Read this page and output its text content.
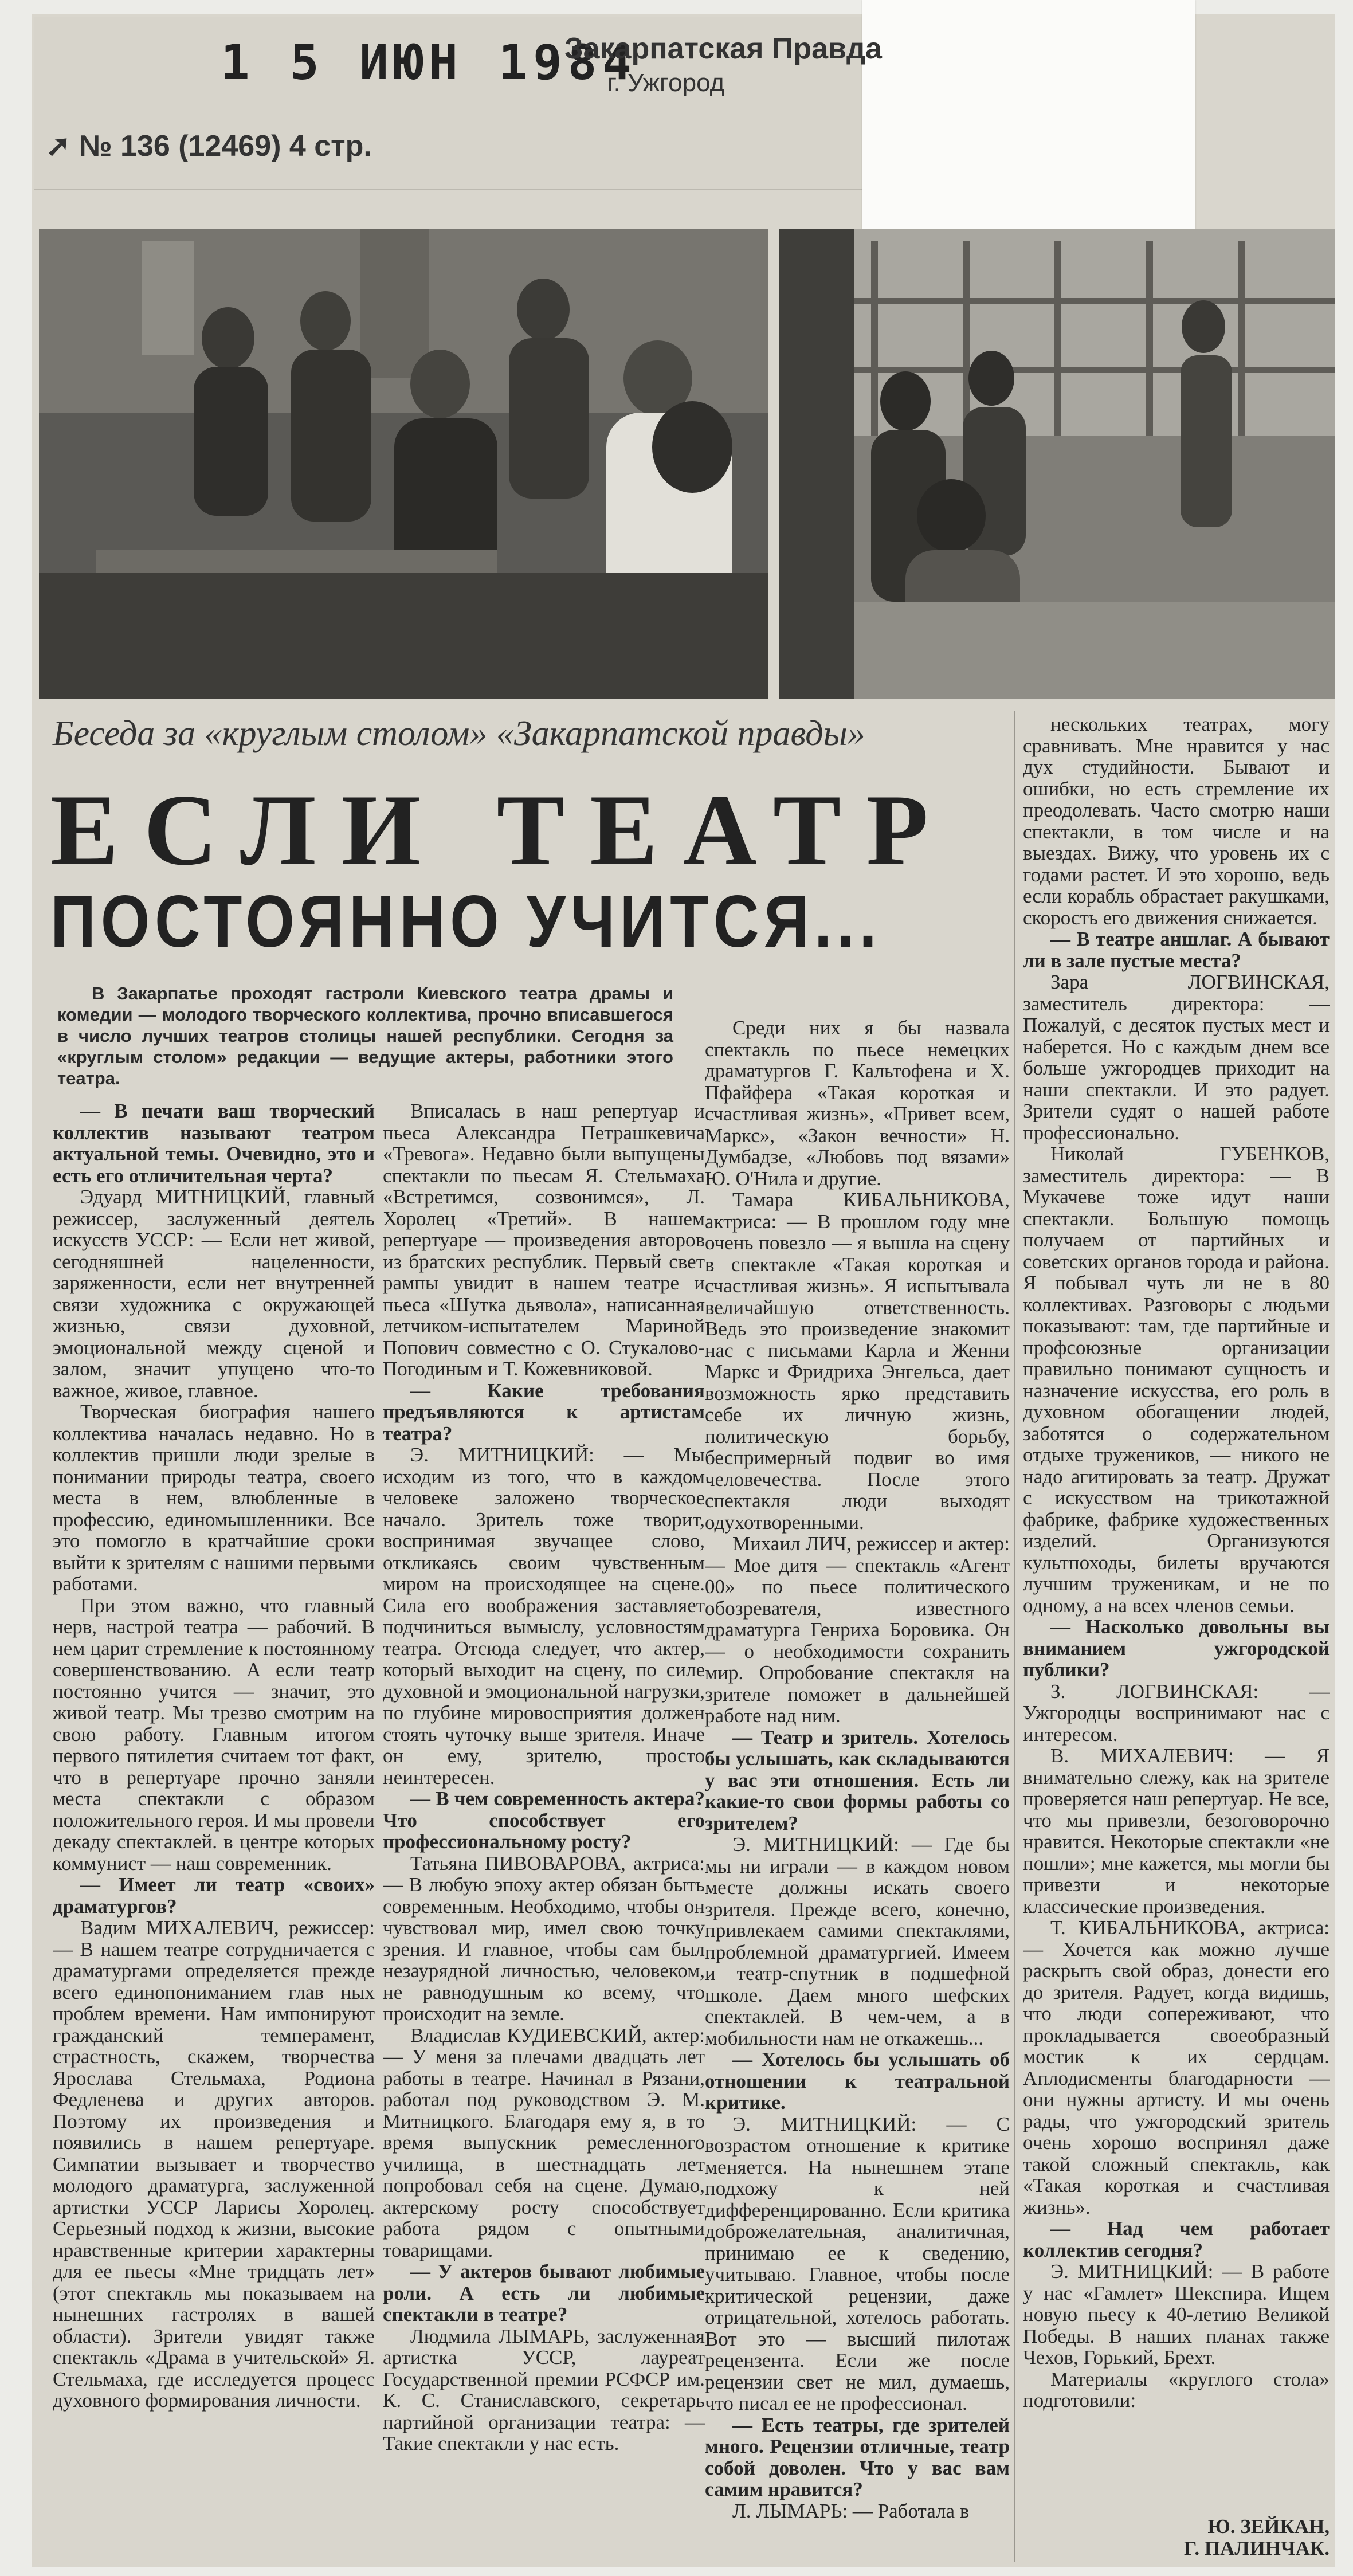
1 5 ИЮН 1984
Закарпатская Правда
г. Ужгород
➚ № 136 (12469) 4 стр.
Беседа за «круглым столом» «Закарпатской правды»
ЕСЛИ ТЕАТР
ПОСТОЯННО УЧИТСЯ...
В Закарпатье проходят гастроли Киевского театра драмы и комедии — молодого творческого коллектива, прочно вписавшегося в число лучших театров столицы нашей республики. Сегодня за «круглым столом» редакции — ведущие актеры, работники этого театра.

— В печати ваш творческий коллектив называют театром актуальной темы. Очевидно, это и есть его отличительная черта?

Эдуард МИТНИЦКИЙ, главный режиссер, заслуженный деятель искусств УССР: — Если нет живой, сегодняшней нацеленности, заряженности, если нет внутренней связи художника с окружающей жизнью, связи духовной, эмоциональной между сценой и залом, значит упущено что-то важное, живое, главное.

Творческая биография нашего коллектива началась недавно. Но в коллектив пришли люди зрелые в понимании природы театра, своего места в нем, влюбленные в профессию, единомышленники. Все это помогло в кратчайшие сроки выйти к зрителям с нашими первыми работами.

При этом важно, что главный нерв, настрой театра — рабочий. В нем царит стремление к постоянному совершенствованию. А если театр постоянно учится — значит, это живой театр. Мы трезво смотрим на свою работу. Главным итогом первого пятилетия считаем тот факт, что в репертуаре прочно заняли места спектакли с образом положительного героя. И мы провели декаду спектаклей. в центре которых коммунист — наш современник.

— Имеет ли театр «своих» драматургов?

Вадим МИХАЛЕВИЧ, режиссер: — В нашем театре сотрудничается с драматургами определяется прежде всего единопониманием глав ных проблем времени. Нам импонируют гражданский темперамент, страстность, скажем, творчества Ярослава Стельмаха, Родиона Федленева и других авторов. Поэтому их произведения и появились в нашем репертуаре. Симпатии вызывает и творчество молодого драматурга, заслуженной артистки УССР Ларисы Хоролец. Серьезный подход к жизни, высокие нравственные критерии характерны для ее пьесы «Мне тридцать лет» (этот спектакль мы показываем на нынешних гастролях в вашей области). Зрители увидят также спектакль «Драма в учительской» Я. Стельмаха, где исследуется процесс духовного формирования личности.

Вписалась в наш репертуар и пьеса Александра Петрашкевича «Тревога». Недавно были выпущены спектакли по пьесам Я. Стельмаха «Встретимся, созвонимся», Л. Хоролец «Третий». В нашем репертуаре — произведения авторов из братских республик. Первый свет рампы увидит в нашем театре и пьеса «Шутка дьявола», написанная летчиком-испытателем Мариной Попович совместно с О. Стукалово-Погодиным и Т. Кожевниковой.

— Какие требования предъявляются к артистам театра?

Э. МИТНИЦКИЙ: — Мы исходим из того, что в каждом человеке заложено творческое начало. Зритель тоже творит, воспринимая звучащее слово, откликаясь своим чувственным миром на происходящее на сцене. Сила его воображения заставляет подчиниться вымыслу, условностям театра. Отсюда следует, что актер, который выходит на сцену, по силе духовной и эмоциональной нагрузки, по глубине мировосприятия должен стоять чуточку выше зрителя. Иначе он ему, зрителю, просто неинтересен.

— В чем современность актера? Что способствует его профессиональному росту?

Татьяна ПИВОВАРОВА, актриса: — В любую эпоху актер обязан быть современным. Необходимо, чтобы он чувствовал мир, имел свою точку зрения. И главное, чтобы сам был незаурядной личностью, человеком, не равнодушным ко всему, что происходит на земле.

Владислав КУДИЕВСКИЙ, актер: — У меня за плечами двадцать лет работы в театре. Начинал в Рязани, работал под руководством Э. М. Митницкого. Благодаря ему я, в то время выпускник ремесленного училища, в шестнадцать лет попробовал себя на сцене. Думаю, актерскому росту способствует работа рядом с опытными товарищами.

— У актеров бывают любимые роли. А есть ли любимые спектакли в театре?

Людмила ЛЫМАРЬ, заслуженная артистка УССР, лауреат Государственной премии РСФСР им. К. С. Станиславского, секретарь партийной организации театра: — Такие спектакли у нас есть.

Среди них я бы назвала спектакль по пьесе немецких драматургов Г. Кальтофена и Х. Пфайфера «Такая короткая и счастливая жизнь», «Привет всем, Маркс», «Закон вечности» Н. Думбадзе, «Любовь под вязами» Ю. О'Нила и другие.

Тамара КИБАЛЬНИКОВА, актриса: — В прошлом году мне очень повезло — я вышла на сцену в спектакле «Такая короткая и счастливая жизнь». Я испытывала величайшую ответственность. Ведь это произведение знакомит нас с письмами Карла и Женни Маркс и Фридриха Энгельса, дает возможность ярко представить себе их личную жизнь, политическую борьбу, беспримерный подвиг во имя человечества. После этого спектакля люди выходят одухотворенными.

Михаил ЛИЧ, режиссер и актер: — Мое дитя — спектакль «Агент 00» по пьесе политического обозревателя, известного драматурга Генриха Боровика. Он — о необходимости сохранить мир. Опробование спектакля на зрителе поможет в дальнейшей работе над ним.

— Театр и зритель. Хотелось бы услышать, как складываются у вас эти отношения. Есть ли какие-то свои формы работы со зрителем?

Э. МИТНИЦКИЙ: — Где бы мы ни играли — в каждом новом месте должны искать своего зрителя. Прежде всего, конечно, привлекаем самими спектаклями, проблемной драматургией. Имеем и театр-спутник в подшефной школе. Даем много шефских спектаклей. В чем-чем, а в мобильности нам не откажешь...

— Хотелось бы услышать об отношении к театральной критике.

Э. МИТНИЦКИЙ: — С возрастом отношение к критике меняется. На нынешнем этапе подхожу к ней дифференцированно. Если критика доброжелательная, аналитичная, принимаю ее к сведению, учитываю. Главное, чтобы после критической рецензии, даже отрицательной, хотелось работать. Вот это — высший пилотаж рецензента. Если же после рецензии свет не мил, думаешь, что писал ее не профессионал.

— Есть театры, где зрителей много. Рецензии отличные, театр собой доволен. Что у вас вам самим нравится?

Л. ЛЫМАРЬ: — Работала в

нескольких театрах, могу сравнивать. Мне нравится у нас дух студийности. Бывают и ошибки, но есть стремление их преодолевать. Часто смотрю наши спектакли, в том числе и на выездах. Вижу, что уровень их с годами растет. И это хорошо, ведь если корабль обрастает ракушками, скорость его движения снижается.

— В театре аншлаг. А бывают ли в зале пустые места?

Зара ЛОГВИНСКАЯ, заместитель директора: — Пожалуй, с десяток пустых мест и наберется. Но с каждым днем все больше ужгородцев приходит на наши спектакли. И это радует. Зрители судят о нашей работе профессионально.

Николай ГУБЕНКОВ, заместитель директора: — В Мукачеве тоже идут наши спектакли. Большую помощь получаем от партийных и советских органов города и района. Я побывал чуть ли не в 80 коллективах. Разговоры с людьми показывают: там, где партийные и профсоюзные организации правильно понимают сущность и назначение искусства, его роль в духовном обогащении людей, заботятся о содержательном отдыхе тружеников, — никого не надо агитировать за театр. Дружат с искусством на трикотажной фабрике, фабрике художественных изделий. Организуются культпоходы, билеты вручаются лучшим труженикам, и не по одному, а на всех членов семьи.

— Насколько довольны вы вниманием ужгородской публики?

З. ЛОГВИНСКАЯ: — Ужгородцы воспринимают нас с интересом.

В. МИХАЛЕВИЧ: — Я внимательно слежу, как на зрителе проверяется наш репертуар. Не все, что мы привезли, безоговорочно нравится. Некоторые спектакли «не пошли»; мне кажется, мы могли бы привезти и некоторые классические произведения.

Т. КИБАЛЬНИКОВА, актриса: — Хочется как можно лучше раскрыть свой образ, донести его до зрителя. Радует, когда видишь, что люди сопереживают, что прокладывается своеобразный мостик к их сердцам. Аплодисменты благодарности — они нужны артисту. И мы очень рады, что ужгородский зритель очень хорошо воспринял даже такой сложный спектакль, как «Такая короткая и счастливая жизнь».

— Над чем работает коллектив сегодня?

Э. МИТНИЦКИЙ: — В работе у нас «Гамлет» Шекспира. Ищем новую пьесу к 40-летию Великой Победы. В наших планах также Чехов, Горький, Брехт.

Материалы «круглого стола» подготовили:

Ю. ЗЕЙКАН,

Г. ПАЛИНЧАК.
